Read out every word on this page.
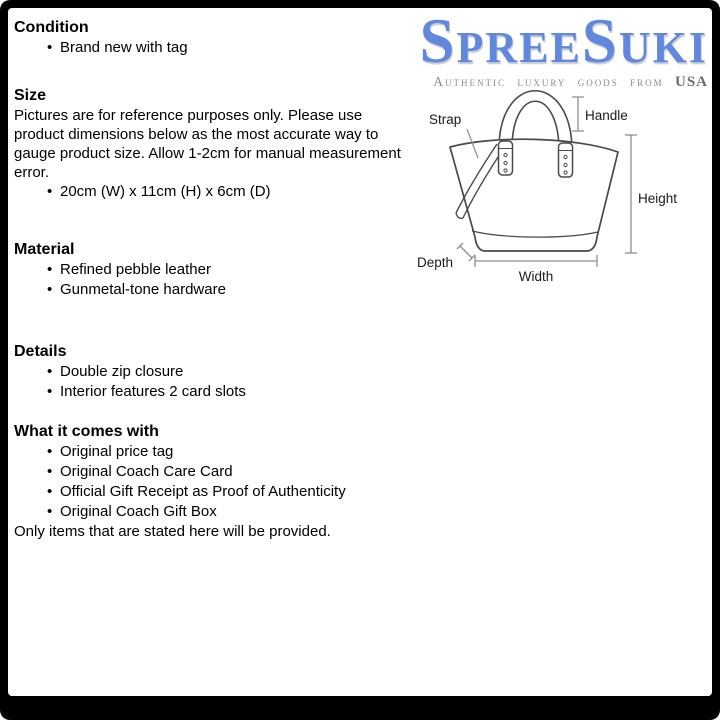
SpreeSuki
Authentic luxury goods from USA
Strap	Handle
Height
Width
Depth
Condition
• Brand new with tag
Size

Pictures are for reference purposes only. Please use product dimensions below as the most accurate way to gauge product size. Allow 1-2cm for manual measurement error.

• 20cm (W) x 11cm (H) x 6cm (D)
Material
• Refined pebble leather
• Gunmetal-tone hardware
Details
• Double zip closure
• Interior features 2 card slots
What it comes with
• Original price tag
• Original Coach Care Card
• Official Gift Receipt as Proof of Authenticity
• Original Coach Gift Box

Only items that are stated here will be provided.
